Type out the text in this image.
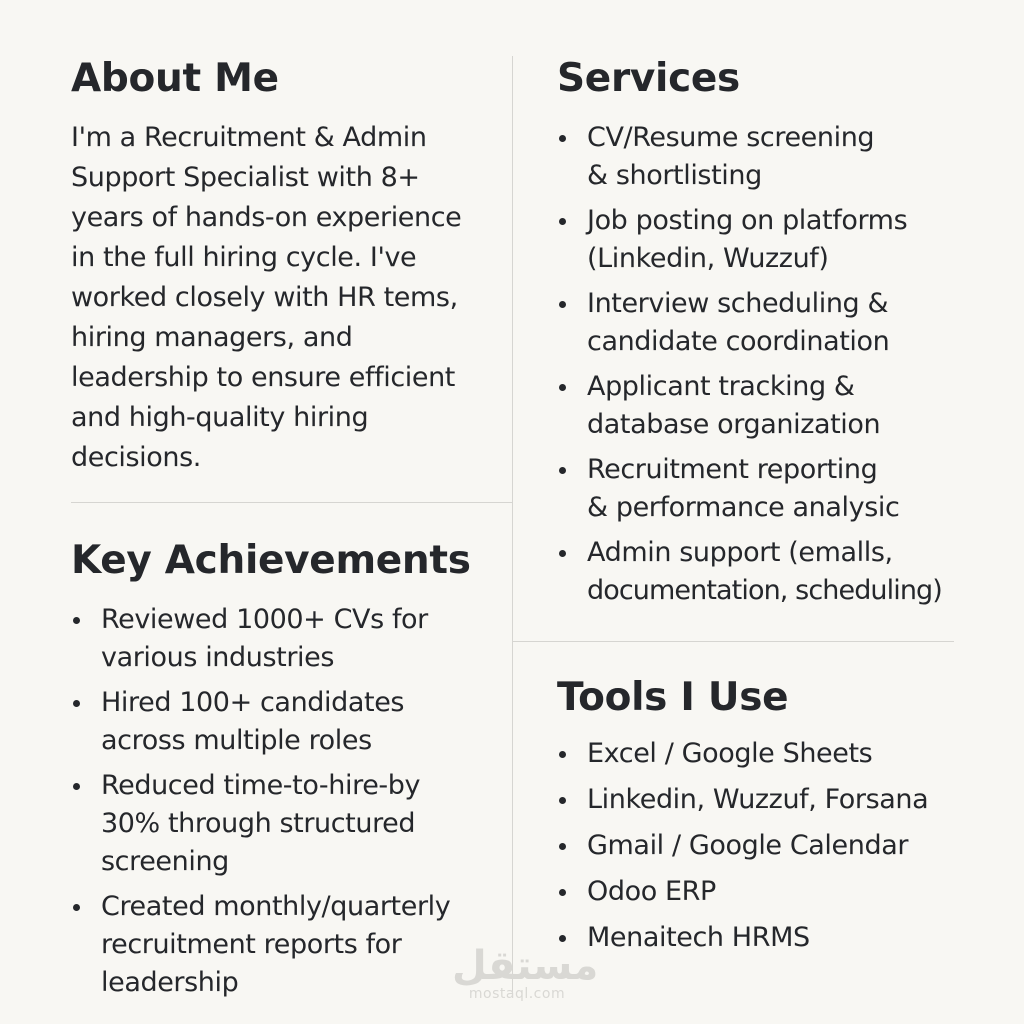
About Me

I'm a Recruitment & Admin
Support Specialist with 8+
years of hands-on experience
in the full hiring cycle. I've
worked closely with HR tems,
hiring managers, and
leadership to ensure efficient
and high-quality hiring
decisions.

Services
CV/Resume screening
& shortlisting
Job posting on platforms
(Linkedin, Wuzzuf)
Interview scheduling &
candidate coordination
Applicant tracking &
database organization
Recruitment reporting
& performance analysic
Admin support (emalls,
documentation, scheduling)
Key Achievements
Reviewed 1000+ CVs for
various industries
Hired 100+ candidates
across multiple roles
Reduced time-to-hire-by
30% through structured
screening
Created monthly/quarterly
recruitment reports for
leadership
Tools I Use
Excel / Google Sheets
Linkedin, Wuzzuf, Forsana
Gmail / Google Calendar
Odoo ERP
Menaitech HRMS
مستقل
mostaql.com
